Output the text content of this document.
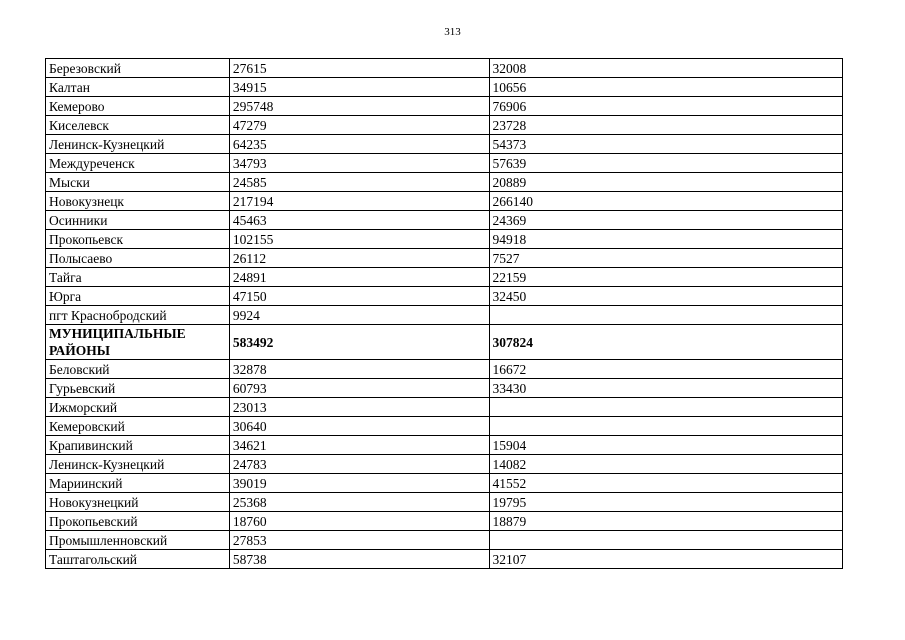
313
Березовский	27615	32008
Калтан	34915	10656
Кемерово	295748	76906
Киселевск	47279	23728
Ленинск-Кузнецкий	64235	54373
Междуреченск	34793	57639
Мыски	24585	20889
Новокузнецк	217194	266140
Осинники	45463	24369
Прокопьевск	102155	94918
Полысаево	26112	7527
Тайга	24891	22159
Юрга	47150	32450
пгт Краснобродский	9924	
МУНИЦИПАЛЬНЫЕ РАЙОНЫ	583492	307824
Беловский	32878	16672
Гурьевский	60793	33430
Ижморский	23013	
Кемеровский	30640	
Крапивинский	34621	15904
Ленинск-Кузнецкий	24783	14082
Мариинский	39019	41552
Новокузнецкий	25368	19795
Прокопьевский	18760	18879
Промышленновский	27853	
Таштагольский	58738	32107
